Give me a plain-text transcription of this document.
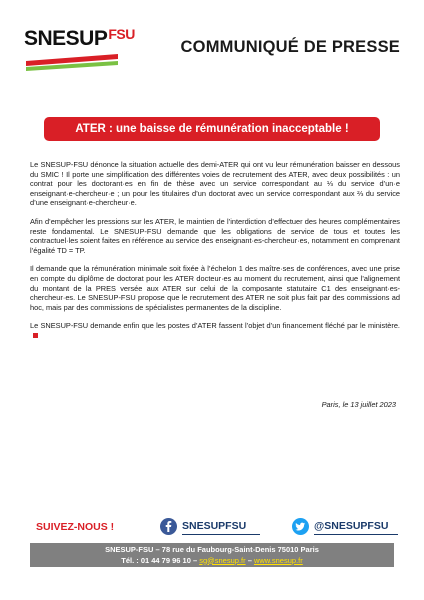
$SNESUP^{FSU}$
COMMUNIQUÉ DE PRESSE
ATER : une baisse de rémunération inacceptable !

Le SNESUP-FSU dénonce la situation actuelle des demi-ATER qui ont vu leur rémunération baisser en dessous du SMIC ! Il porte une simplification des différentes voies de recrutement des ATER, avec deux possibilités : un contrat pour les doctorant·es en fin de thèse avec un service correspondant au ⅓ du service d’un·e enseignant·e-chercheur·e ; un pour les titulaires d’un doctorat avec un service correspondant aux ⅔ du service d’une enseignant·e-chercheur·e.

Afin d’empêcher les pressions sur les ATER, le maintien de l’interdiction d’effectuer des heures complémentaires reste fondamental. Le SNESUP-FSU demande que les obligations de service de tous et toutes les contractuel·les soient faites en référence au service des enseignant·es-chercheur·es, notamment en comprenant l’égalité TD = TP.

Il demande que la rémunération minimale soit fixée à l’échelon 1 des maître·ses de conférences, avec une prise en compte du diplôme de doctorat pour les ATER docteur·es au moment du recrutement, ainsi que l’alignement du montant de la PRES versée aux ATER sur celui de la composante statutaire C1 des enseignant·es-chercheur·es. Le SNESUP-FSU propose que le recrutement des ATER ne soit plus fait par des commissions ad hoc, mais par des commissions de spécialistes permanentes de la discipline.

Le SNESUP-FSU demande enfin que les postes d’ATER fassent l’objet d’un financement fléché par le ministère.

Paris, le 13 juillet 2023
SUIVEZ-NOUS !	SNESUPFSU	@SNESUPFSU
SNESUP-FSU – 78 rue du Faubourg-Saint-Denis 75010 Paris
Tél. : 01 44 79 96 10 – sg@snesup.fr – www.snesup.fr
